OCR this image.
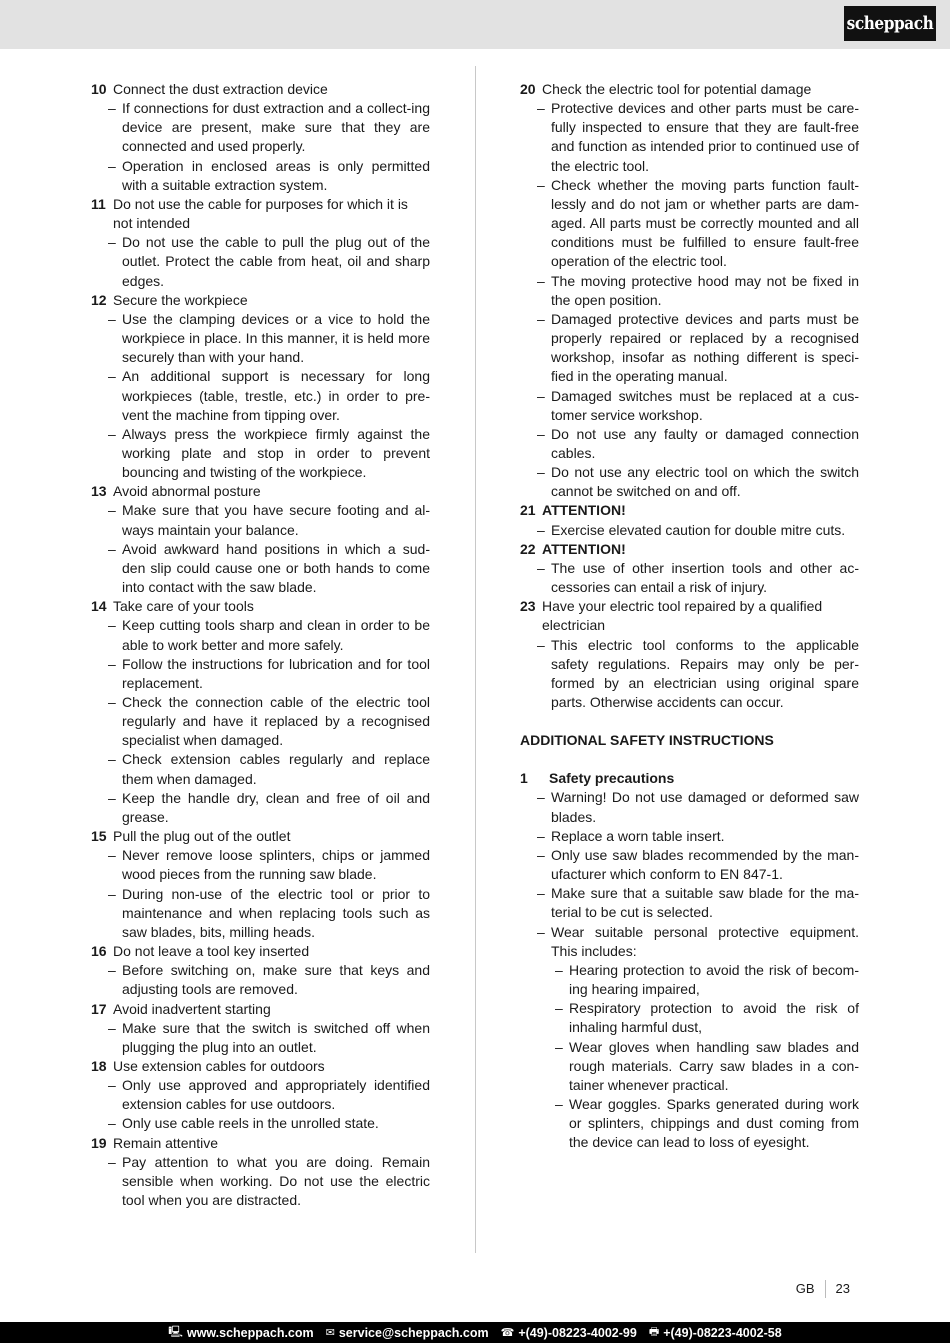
scheppach
10 Connect the dust extraction device
– If connections for dust extraction and a collect-ing device are present, make sure that they are connected and used properly.
– Operation in enclosed areas is only permitted with a suitable extraction system.
11 Do not use the cable for purposes for which it is not intended
– Do not use the cable to pull the plug out of the outlet. Protect the cable from heat, oil and sharp edges.
12 Secure the workpiece
– Use the clamping devices or a vice to hold the workpiece in place. In this manner, it is held more securely than with your hand.
– An additional support is necessary for long workpieces (table, trestle, etc.) in order to pre-vent the machine from tipping over.
– Always press the workpiece firmly against the working plate and stop in order to prevent bouncing and twisting of the workpiece.
13 Avoid abnormal posture
– Make sure that you have secure footing and al-ways maintain your balance.
– Avoid awkward hand positions in which a sud-den slip could cause one or both hands to come into contact with the saw blade.
14 Take care of your tools
– Keep cutting tools sharp and clean in order to be able to work better and more safely.
– Follow the instructions for lubrication and for tool replacement.
– Check the connection cable of the electric tool regularly and have it replaced by a recognised specialist when damaged.
– Check extension cables regularly and replace them when damaged.
– Keep the handle dry, clean and free of oil and grease.
15 Pull the plug out of the outlet
– Never remove loose splinters, chips or jammed wood pieces from the running saw blade.
– During non-use of the electric tool or prior to maintenance and when replacing tools such as saw blades, bits, milling heads.
16 Do not leave a tool key inserted
– Before switching on, make sure that keys and adjusting tools are removed.
17 Avoid inadvertent starting
– Make sure that the switch is switched off when plugging the plug into an outlet.
18 Use extension cables for outdoors
– Only use approved and appropriately identified extension cables for use outdoors.
– Only use cable reels in the unrolled state.
19 Remain attentive
– Pay attention to what you are doing. Remain sensible when working. Do not use the electric tool when you are distracted.
20 Check the electric tool for potential damage
– Protective devices and other parts must be care-fully inspected to ensure that they are fault-free and function as intended prior to continued use of the electric tool.
– Check whether the moving parts function fault-lessly and do not jam or whether parts are dam-aged. All parts must be correctly mounted and all conditions must be fulfilled to ensure fault-free operation of the electric tool.
– The moving protective hood may not be fixed in the open position.
– Damaged protective devices and parts must be properly repaired or replaced by a recognised workshop, insofar as nothing different is speci-fied in the operating manual.
– Damaged switches must be replaced at a cus-tomer service workshop.
– Do not use any faulty or damaged connection cables.
– Do not use any electric tool on which the switch cannot be switched on and off.
21 ATTENTION!
– Exercise elevated caution for double mitre cuts.
22 ATTENTION!
– The use of other insertion tools and other ac-cessories can entail a risk of injury.
23 Have your electric tool repaired by a qualified electrician
– This electric tool conforms to the applicable safety regulations. Repairs may only be per-formed by an electrician using original spare parts. Otherwise accidents can occur.
ADDITIONAL SAFETY INSTRUCTIONS
1	Safety precautions
– Warning! Do not use damaged or deformed saw blades.
– Replace a worn table insert.
– Only use saw blades recommended by the man-ufacturer which conform to EN 847-1.
– Make sure that a suitable saw blade for the ma-terial to be cut is selected.
– Wear suitable personal protective equipment. This includes:
– Hearing protection to avoid the risk of becom-ing hearing impaired,
– Respiratory protection to avoid the risk of inhaling harmful dust,
– Wear gloves when handling saw blades and rough materials. Carry saw blades in a con-tainer whenever practical.
– Wear goggles. Sparks generated during work or splinters, chippings and dust coming from the device can lead to loss of eyesight.
GB	23
🖳 www.scheppach.com ✉ service@scheppach.com ☎ +(49)-08223-4002-99 🖶 +(49)-08223-4002-58
